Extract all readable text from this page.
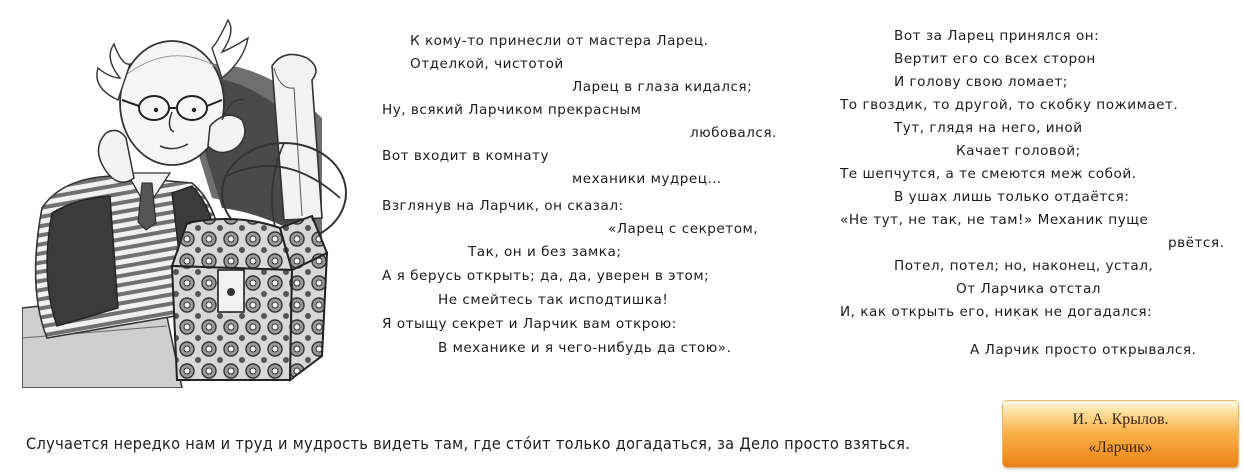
К кому-то принесли от мастера Ларец.
Отделкой, чистотой
Ларец в глаза кидался;
Ну, всякий Ларчиком прекрасным
любовался.
Вот входит в комнату
механики мудрец…
Взглянув на Ларчик, он сказал:
«Ларец с секретом,
Так, он и без замка;
А я берусь открыть; да, да, уверен в этом;
Не смейтесь так исподтишка!
Я отыщу секрет и Ларчик вам открою:
В механике и я чего-нибудь да стою».
Вот за Ларец принялся он:
Вертит его со всех сторон
И голову свою ломает;
То гвоздик, то другой, то скобку пожимает.
Тут, глядя на него, иной
Качает головой;
Те шепчутся, а те смеются меж собой.
В ушах лишь только отдаётся:
«Не тут, не так, не там!» Механик пуще
рвётся.
Потел, потел; но, наконец, устал,
От Ларчика отстал
И, как открыть его, никак не догадался:
А Ларчик просто открывался.
Случается нередко нам и труд и мудрость видеть там, где стóит только догадаться, за Дело просто взяться.
И. А. Крылов.
«Ларчик»
